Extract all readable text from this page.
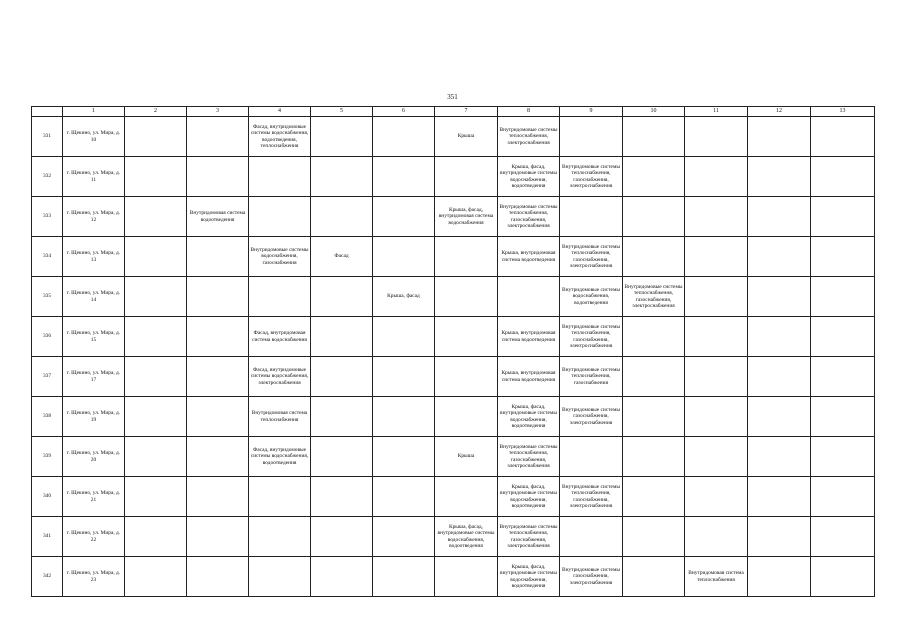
351
	1	2	3	4	5	6	7	8	9	10	11	12	13
331	г. Щекино, ул. Мира, д. 10			Фасад, внутридомовые системы водоснабжения, водоотведения, теплоснабжения			Крыша	Внутридомовые системы теплоснабжения, электроснабжения					

332	г. Щекино, ул. Мира, д. 11							Крыша, фасад, внутридомовые системы водоснабжения, водоотведения	Внутридомовые системы теплоснабжения, газоснабжения, электроснабжения				

333	г. Щекино, ул. Мира, д. 12		Внутридомовая система водоотведения				Крыша, фасад, внутридомовая система водоснабжения	Внутридомовые системы теплоснабжения, газоснабжения, электроснабжения					

334	г. Щекино, ул. Мира, д. 13			Внутридомовые системы водоснабжения, газоснабжения	Фасад			Крыша, внутридомовая система водоотведения	Внутридомовые системы теплоснабжения, газоснабжения, электроснабжения				

335	г. Щекино, ул. Мира, д. 14					Крыша, фасад			Внутридомовые системы водоснабжения, водоотведения	Внутридомовые системы теплоснабжения, газоснабжения, электроснабжения			

336	г. Щекино, ул. Мира, д. 15			Фасад, внутридомовая система водоснабжения				Крыша, внутридомовая система водоотведения	Внутридомовые системы теплоснабжения, газоснабжения, электроснабжения				

337	г. Щекино, ул. Мира, д. 17			Фасад, внутридомовые системы водоснабжения, электроснабжения				Крыша, внутридомовая система водоотведения	Внутридомовые системы теплоснабжения, газоснабжения				

338	г. Щекино, ул. Мира, д. 19			Внутридомовая система теплоснабжения				Крыша, фасад, внутридомовые системы водоснабжения, водоотведения	Внутридомовые системы газоснабжения, электроснабжения				

339	г. Щекино, ул. Мира, д. 20			Фасад, внутридомовые системы водоснабжения, водоотведения			Крыша	Внутридомовые системы теплоснабжения, газоснабжения, электроснабжения					

340	г. Щекино, ул. Мира, д. 21							Крыша, фасад, внутридомовые системы водоснабжения, водоотведения	Внутридомовые системы теплоснабжения, газоснабжения, электроснабжения				

341	г. Щекино, ул. Мира, д. 22						Крыша, фасад, внутридомовые системы водоснабжения, водоотведения	Внутридомовые системы теплоснабжения, газоснабжения, электроснабжения					

342	г. Щекино, ул. Мира, д. 23							Крыша, фасад, внутридомовые системы водоснабжения, водоотведения	Внутридомовые системы газоснабжения, электроснабжения		Внутридомовая система теплоснабжения		
